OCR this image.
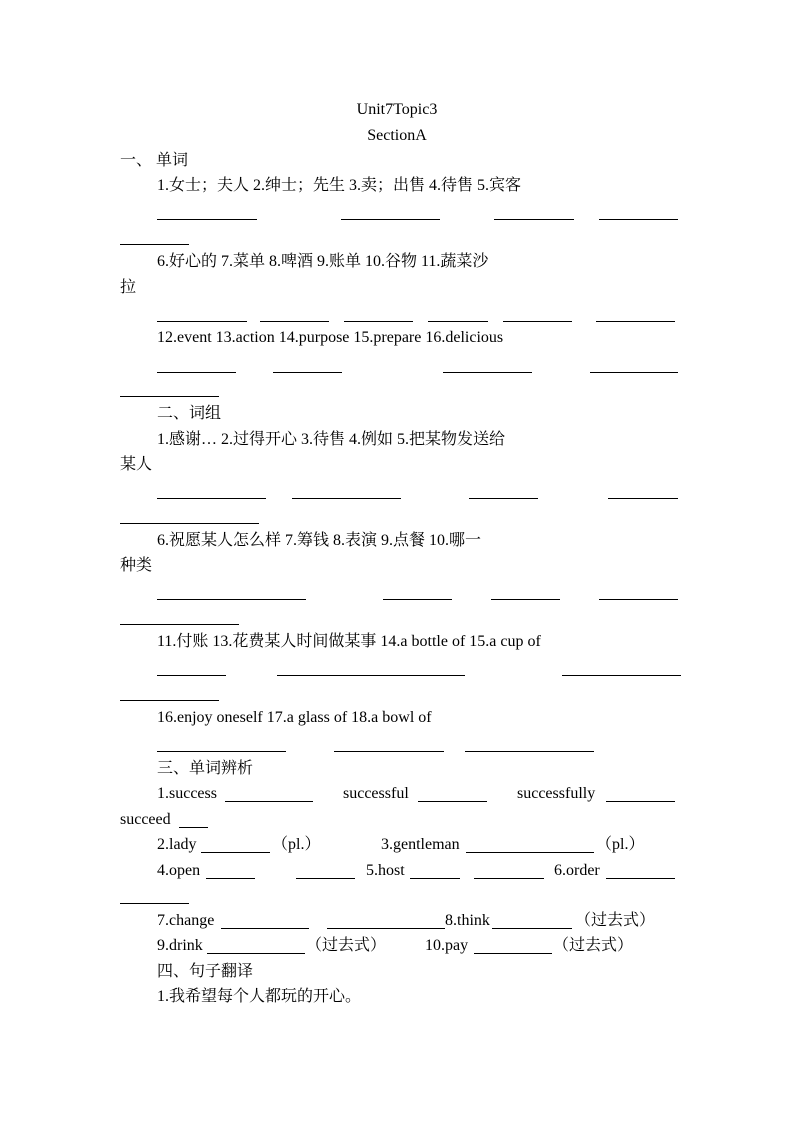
Unit7Topic3
SectionA
一、 单词
1.女士；夫人 2.绅士；先生 3.卖；出售 4.待售 5.宾客
6.好心的 7.菜单 8.啤酒 9.账单 10.谷物 11.蔬菜沙
拉
12.event 13.action 14.purpose 15.prepare 16.delicious
二、词组
1.感谢… 2.过得开心 3.待售 4.例如 5.把某物发送给
某人
6.祝愿某人怎么样 7.筹钱 8.表演 9.点餐 10.哪一
种类
11.付账 13.花费某人时间做某事 14.a bottle of 15.a cup of
16.enjoy oneself 17.a glass of 18.a bowl of
三、单词辨析
1.success	successful	successfully
succeed
2.lady	（pl.）	3.gentleman	（pl.）
4.open	5.host	6.order
7.change	8.think	（过去式）
9.drink	（过去式） 10.pay	（过去式）
四、句子翻译
1.我希望每个人都玩的开心。
